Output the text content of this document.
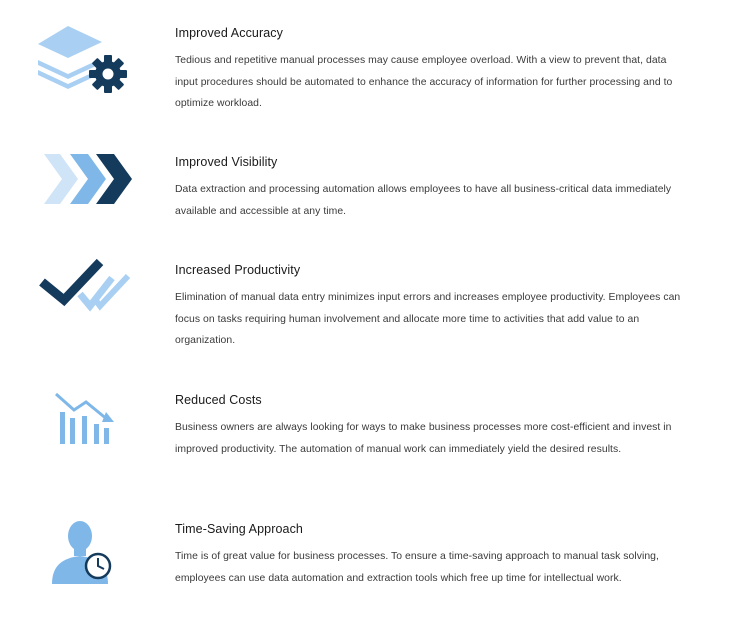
Improved Accuracy

Tedious and repetitive manual processes may cause employee overload. With a view to prevent that, data input procedures should be automated to enhance the accuracy of information for further processing and to optimize workload.

Improved Visibility

Data extraction and processing automation allows employees to have all business-critical data immediately available and accessible at any time.

Increased Productivity

Elimination of manual data entry minimizes input errors and increases employee productivity. Employees can focus on tasks requiring human involvement and allocate more time to activities that add value to an organization.

Reduced Costs

Business owners are always looking for ways to make business processes more cost-efficient and invest in improved productivity. The automation of manual work can immediately yield the desired results.

Time-Saving Approach

Time is of great value for business processes. To ensure a time-saving approach to manual task solving, employees can use data automation and extraction tools which free up time for intellectual work.
